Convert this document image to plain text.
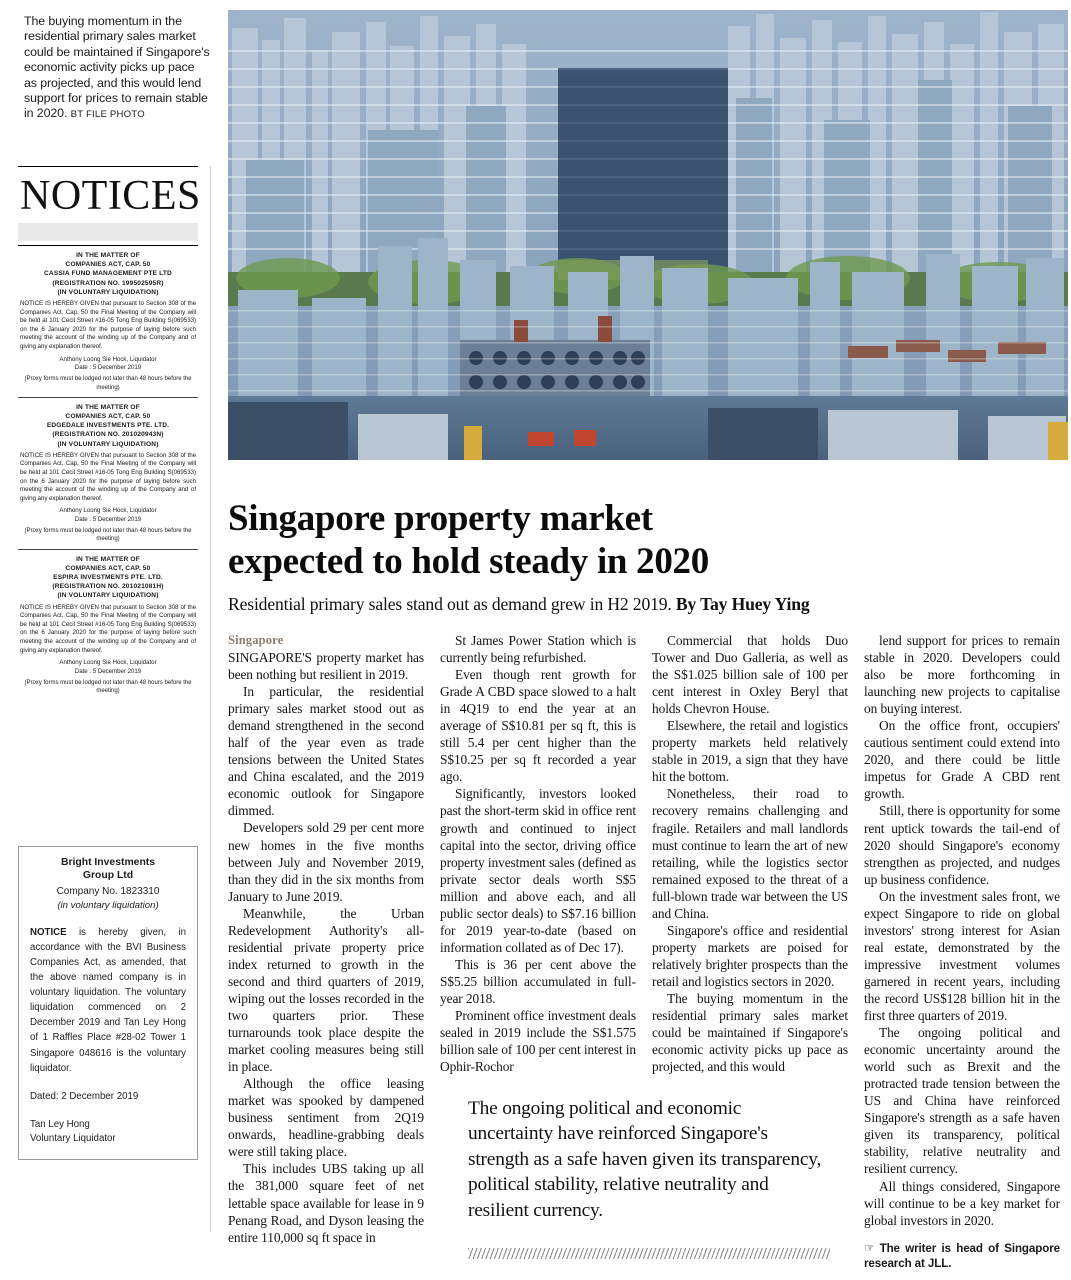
The buying momentum in the residential primary sales market could be maintained if Singapore's economic activity picks up pace as projected, and this would lend support for prices to remain stable in 2020. BT FILE PHOTO
NOTICES
IN THE MATTER OF
COMPANIES ACT, CAP. 50
CASSIA FUND MANAGEMENT PTE LTD
(REGISTRATION NO. 199502595R)
(IN VOLUNTARY LIQUIDATION)
NOTICE IS HEREBY GIVEN that pursuant to Section 308 of the Companies Act, Cap. 50 the Final Meeting of the Company will be held at 101 Cecil Street #16-05 Tong Eng Building S(069533) on the 6 January 2020 for the purpose of laying before such meeting the account of the winding up of the Company and of giving any explanation thereof.
Anthony Loong Sie Hock, Liquidator
Date : 5 December 2019
(Proxy forms must be lodged not later than 48 hours before the meeting)
IN THE MATTER OF
COMPANIES ACT, CAP. 50
EDGEDALE INVESTMENTS PTE. LTD.
(REGISTRATION NO. 201020943N)
(IN VOLUNTARY LIQUIDATION)
NOTICE IS HEREBY GIVEN that pursuant to Section 308 of the Companies Act, Cap. 50 the Final Meeting of the Company will be held at 101 Cecil Street #16-05 Tong Eng Building S(069533) on the 6 January 2020 for the purpose of laying before such meeting the account of the winding up of the Company and of giving any explanation thereof.
Anthony Loong Sie Hock, Liquidator
Date : 5 December 2019
(Proxy forms must be lodged not later than 48 hours before the meeting)
IN THE MATTER OF
COMPANIES ACT, CAP. 50
ESPIRA INVESTMENTS PTE. LTD.
(REGISTRATION NO. 201021081H)
(IN VOLUNTARY LIQUIDATION)
NOTICE IS HEREBY GIVEN that pursuant to Section 308 of the Companies Act, Cap. 50 the Final Meeting of the Company will be held at 101 Cecil Street #16-05 Tong Eng Building S(069533) on the 6 January 2020 for the purpose of laying before such meeting the account of the winding up of the Company and of giving any explanation thereof.
Anthony Loong Sie Hock, Liquidator
Date : 5 December 2019
(Proxy forms must be lodged not later than 48 hours before the meeting)
Bright Investments
Group Ltd
Company No. 1823310
(in voluntary liquidation)
NOTICE is hereby given, in accordance with the BVI Business Companies Act, as amended, that the above named company is in voluntary liquidation. The voluntary liquidation commenced on 2 December 2019 and Tan Ley Hong of 1 Raffles Place #28-02 Tower 1 Singapore 048616 is the voluntary liquidator.
Dated: 2 December 2019
Tan Ley Hong
Voluntary Liquidator
Singapore property market
expected to hold steady in 2020
Residential primary sales stand out as demand grew in H2 2019. By Tay Huey Ying
Singapore

SINGAPORE'S property market has been nothing but resilient in 2019.

In particular, the residential primary sales market stood out as demand strengthened in the second half of the year even as trade tensions between the United States and China escalated, and the 2019 economic outlook for Singapore dimmed.

Developers sold 29 per cent more new homes in the five months between July and November 2019, than they did in the six months from January to June 2019.

Meanwhile, the Urban Redevelopment Authority's all-residential private property price index returned to growth in the second and third quarters of 2019, wiping out the losses recorded in the two quarters prior. These turnarounds took place despite the market cooling measures being still in place.

Although the office leasing market was spooked by dampened business sentiment from 2Q19 onwards, headline-grabbing deals were still taking place.

This includes UBS taking up all the 381,000 square feet of net lettable space available for lease in 9 Penang Road, and Dyson leasing the entire 110,000 sq ft space in

St James Power Station which is currently being refurbished.

Even though rent growth for Grade A CBD space slowed to a halt in 4Q19 to end the year at an average of S$10.81 per sq ft, this is still 5.4 per cent higher than the S$10.25 per sq ft recorded a year ago.

Significantly, investors looked past the short-term skid in office rent growth and continued to inject capital into the sector, driving office property investment sales (defined as private sector deals worth S$5 million and above each, and all public sector deals) to S$7.16 billion for 2019 year-to-date (based on information collated as of Dec 17).

This is 36 per cent above the S$5.25 billion accumulated in full-year 2018.

Prominent office investment deals sealed in 2019 include the S$1.575 billion sale of 100 per cent interest in Ophir-Rochor

Commercial that holds Duo Tower and Duo Galleria, as well as the S$1.025 billion sale of 100 per cent interest in Oxley Beryl that holds Chevron House.

Elsewhere, the retail and logistics property markets held relatively stable in 2019, a sign that they have hit the bottom.

Nonetheless, their road to recovery remains challenging and fragile. Retailers and mall landlords must continue to learn the art of new retailing, while the logistics sector remained exposed to the threat of a full-blown trade war between the US and China.

Singapore's office and residential property markets are poised for relatively brighter prospects than the retail and logistics sectors in 2020.

The buying momentum in the residential primary sales market could be maintained if Singapore's economic activity picks up pace as projected, and this would

lend support for prices to remain stable in 2020. Developers could also be more forthcoming in launching new projects to capitalise on buying interest.

On the office front, occupiers' cautious sentiment could extend into 2020, and there could be little impetus for Grade A CBD rent growth.

Still, there is opportunity for some rent uptick towards the tail-end of 2020 should Singapore's economy strengthen as projected, and nudges up business confidence.

On the investment sales front, we expect Singapore to ride on global investors' strong interest for Asian real estate, demonstrated by the impressive investment volumes garnered in recent years, including the record US$128 billion hit in the first three quarters of 2019.

The ongoing political and economic uncertainty around the world such as Brexit and the protracted trade tension between the US and China have reinforced Singapore's strength as a safe haven given its transparency, political stability, relative neutrality and resilient currency.

All things considered, Singapore will continue to be a key market for global investors in 2020.

☞ The writer is head of Singapore research at JLL.
The ongoing political and economic uncertainty have reinforced Singapore's strength as a safe haven given its transparency, political stability, relative neutrality and resilient currency.
